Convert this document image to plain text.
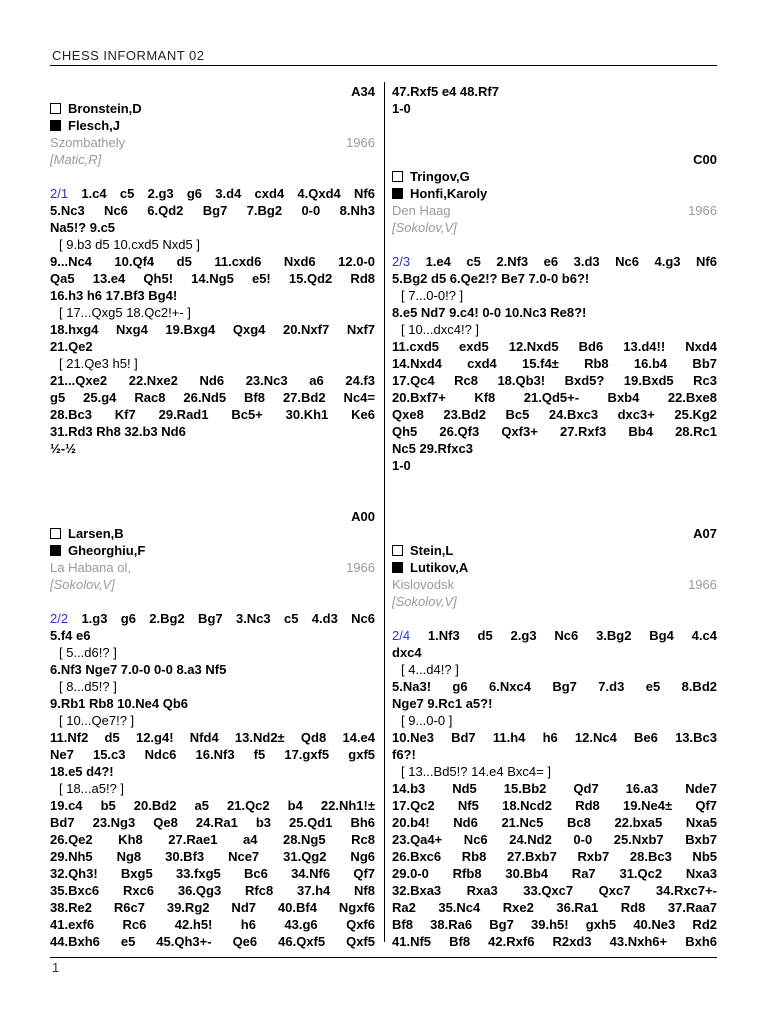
CHESS INFORMANT 02
A34
Bronstein,D
Flesch,J
Szombathely	1966
[Matic,R]
2/1 1.c4 c5 2.g3 g6 3.d4 cxd4 4.Qxd4 Nf6
5.Nc3 Nc6 6.Qd2 Bg7 7.Bg2 0-0 8.Nh3
Na5!? 9.c5
[ 9.b3 d5 10.cxd5 Nxd5 ]
9...Nc4 10.Qf4 d5 11.cxd6 Nxd6 12.0-0
Qa5 13.e4 Qh5! 14.Ng5 e5! 15.Qd2 Rd8
16.h3 h6 17.Bf3 Bg4!
[ 17...Qxg5 18.Qc2!+- ]
18.hxg4 Nxg4 19.Bxg4 Qxg4 20.Nxf7 Nxf7
21.Qe2
[ 21.Qe3 h5! ]
21...Qxe2 22.Nxe2 Nd6 23.Nc3 a6 24.f3
g5 25.g4 Rac8 26.Nd5 Bf8 27.Bd2 Nc4=
28.Bc3 Kf7 29.Rad1 Bc5+ 30.Kh1 Ke6
31.Rd3 Rh8 32.b3 Nd6
½-½
A00
Larsen,B
Gheorghiu,F
La Habana ol,	1966
[Sokolov,V]
2/2 1.g3 g6 2.Bg2 Bg7 3.Nc3 c5 4.d3 Nc6
5.f4 e6
[ 5...d6!? ]
6.Nf3 Nge7 7.0-0 0-0 8.a3 Nf5
[ 8...d5!? ]
9.Rb1 Rb8 10.Ne4 Qb6
[ 10...Qe7!? ]
11.Nf2 d5 12.g4! Nfd4 13.Nd2± Qd8 14.e4
Ne7 15.c3 Ndc6 16.Nf3 f5 17.gxf5 gxf5
18.e5 d4?!
[ 18...a5!? ]
19.c4 b5 20.Bd2 a5 21.Qc2 b4 22.Nh1!±
Bd7 23.Ng3 Qe8 24.Ra1 b3 25.Qd1 Bh6
26.Qe2 Kh8 27.Rae1 a4 28.Ng5 Rc8
29.Nh5 Ng8 30.Bf3 Nce7 31.Qg2 Ng6
32.Qh3! Bxg5 33.fxg5 Bc6 34.Nf6 Qf7
35.Bxc6 Rxc6 36.Qg3 Rfc8 37.h4 Nf8
38.Re2 R6c7 39.Rg2 Nd7 40.Bf4 Ngxf6
41.exf6 Rc6 42.h5! h6 43.g6 Qxf6
44.Bxh6 e5 45.Qh3+- Qe6 46.Qxf5 Qxf5
47.Rxf5 e4 48.Rf7
1-0
C00
Tringov,G
Honfi,Karoly
Den Haag	1966
[Sokolov,V]
2/3 1.e4 c5 2.Nf3 e6 3.d3 Nc6 4.g3 Nf6
5.Bg2 d5 6.Qe2!? Be7 7.0-0 b6?!
[ 7...0-0!? ]
8.e5 Nd7 9.c4! 0-0 10.Nc3 Re8?!
[ 10...dxc4!? ]
11.cxd5 exd5 12.Nxd5 Bd6 13.d4!! Nxd4
14.Nxd4 cxd4 15.f4± Rb8 16.b4 Bb7
17.Qc4 Rc8 18.Qb3! Bxd5? 19.Bxd5 Rc3
20.Bxf7+ Kf8 21.Qd5+- Bxb4 22.Bxe8
Qxe8 23.Bd2 Bc5 24.Bxc3 dxc3+ 25.Kg2
Qh5 26.Qf3 Qxf3+ 27.Rxf3 Bb4 28.Rc1
Nc5 29.Rfxc3
1-0
A07
Stein,L
Lutikov,A
Kislovodsk	1966
[Sokolov,V]
2/4 1.Nf3 d5 2.g3 Nc6 3.Bg2 Bg4 4.c4
dxc4
[ 4...d4!? ]
5.Na3! g6 6.Nxc4 Bg7 7.d3 e5 8.Bd2
Nge7 9.Rc1 a5?!
[ 9...0-0 ]
10.Ne3 Bd7 11.h4 h6 12.Nc4 Be6 13.Bc3
f6?!
[ 13...Bd5!? 14.e4 Bxc4= ]
14.b3 Nd5 15.Bb2 Qd7 16.a3 Nde7
17.Qc2 Nf5 18.Ncd2 Rd8 19.Ne4± Qf7
20.b4! Nd6 21.Nc5 Bc8 22.bxa5 Nxa5
23.Qa4+ Nc6 24.Nd2 0-0 25.Nxb7 Bxb7
26.Bxc6 Rb8 27.Bxb7 Rxb7 28.Bc3 Nb5
29.0-0 Rfb8 30.Bb4 Ra7 31.Qc2 Nxa3
32.Bxa3 Rxa3 33.Qxc7 Qxc7 34.Rxc7+-
Ra2 35.Nc4 Rxe2 36.Ra1 Rd8 37.Raa7
Bf8 38.Ra6 Bg7 39.h5! gxh5 40.Ne3 Rd2
41.Nf5 Bf8 42.Rxf6 R2xd3 43.Nxh6+ Bxh6
1
